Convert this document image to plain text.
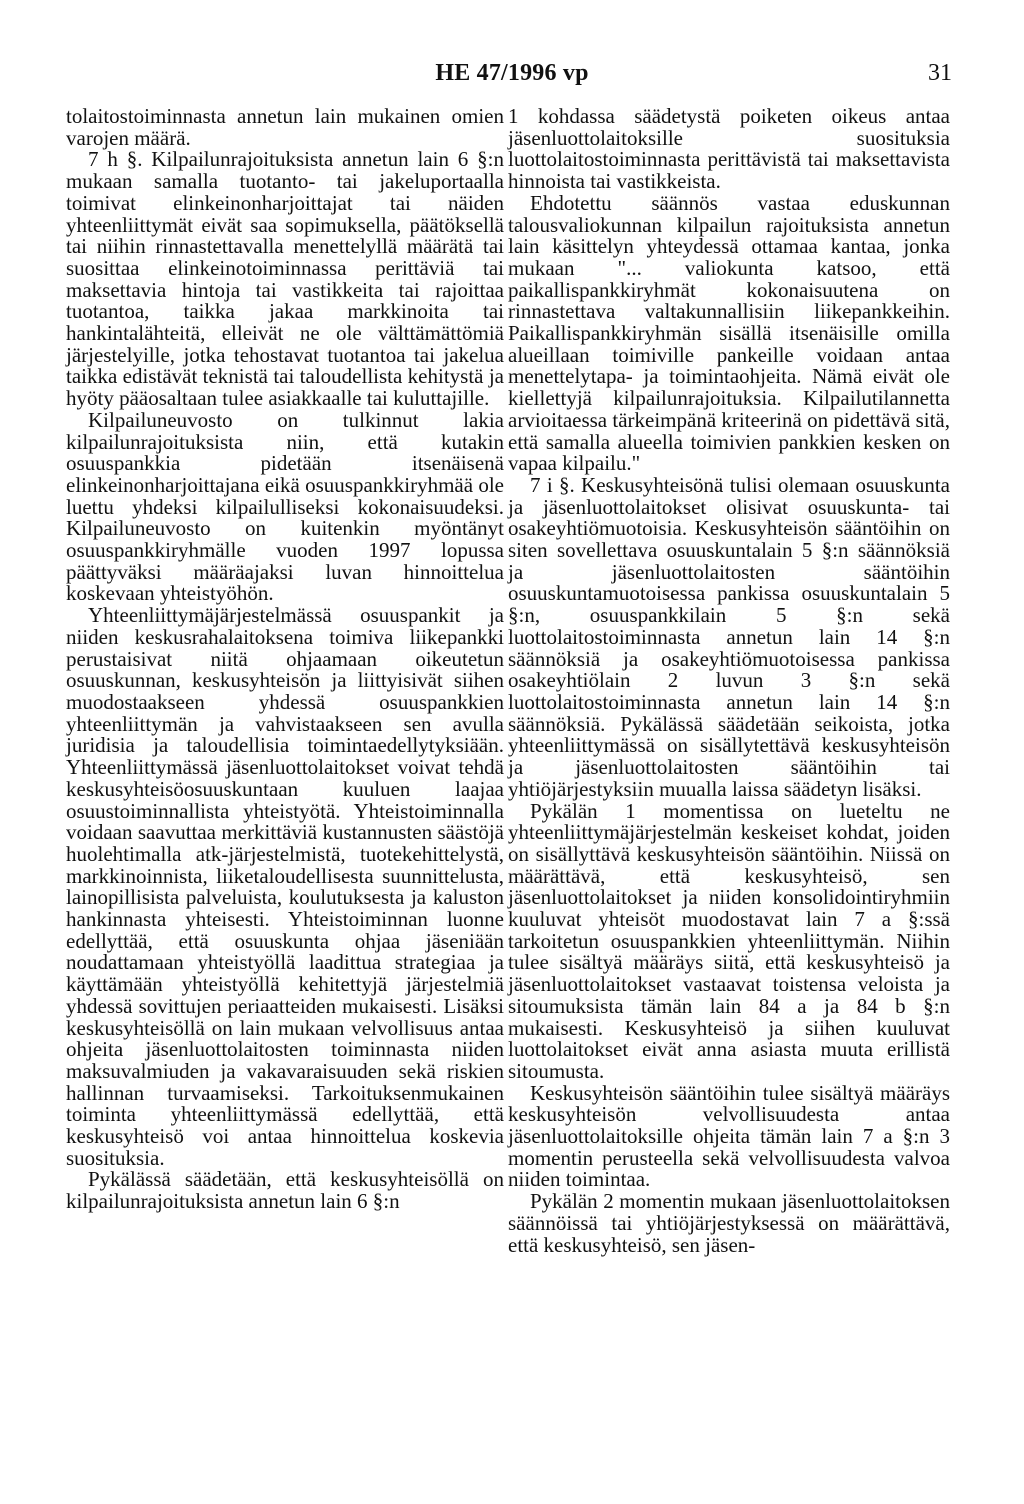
HE 47/1996 vp	31

tolaitostoiminnasta annetun lain mukainen omien varojen määrä.

7 h §. Kilpailunrajoituksista annetun lain 6 §:n mukaan samalla tuotanto- tai jakeluportaalla toimivat elinkeinonharjoittajat tai näiden yhteenliittymät eivät saa sopimuksella, päätöksellä tai niihin rinnastettavalla menettelyllä määrätä tai suosittaa elinkeinotoiminnassa perittäviä tai maksettavia hintoja tai vastikkeita tai rajoittaa tuotantoa, taikka jakaa markkinoita tai hankintalähteitä, elleivät ne ole välttämättömiä järjestelyille, jotka tehostavat tuotantoa tai jakelua taikka edistävät teknistä tai taloudellista kehitystä ja hyöty pääosaltaan tulee asiakkaalle tai kuluttajille.

Kilpailuneuvosto on tulkinnut lakia kilpailunrajoituksista niin, että kutakin osuuspankkia pidetään itsenäisenä elinkeinonharjoittajana eikä osuuspankkiryhmää ole luettu yhdeksi kilpailulliseksi kokonaisuudeksi. Kilpailuneuvosto on kuitenkin myöntänyt osuuspankkiryhmälle vuoden 1997 lopussa päättyväksi määräajaksi luvan hinnoittelua koskevaan yhteistyöhön.

Yhteenliittymäjärjestelmässä osuuspankit ja niiden keskusrahalaitoksena toimiva liikepankki perustaisivat niitä ohjaamaan oikeutetun osuuskunnan, keskusyhteisön ja liittyisivät siihen muodostaakseen yhdessä osuuspankkien yhteenliittymän ja vahvistaakseen sen avulla juridisia ja taloudellisia toimintaedellytyksiään. Yhteenliittymässä jäsenluottolaitokset voivat tehdä keskusyhteisöosuuskuntaan kuuluen laajaa osuustoiminnallista yhteistyötä. Yhteistoiminnalla voidaan saavuttaa merkittäviä kustannusten säästöjä huolehtimalla atk-järjestelmistä, tuotekehittelystä, markkinoinnista, liiketaloudellisesta suunnittelusta, lainopillisista palveluista, koulutuksesta ja kaluston hankinnasta yhteisesti. Yhteistoiminnan luonne edellyttää, että osuuskunta ohjaa jäseniään noudattamaan yhteistyöllä laadittua strategiaa ja käyttämään yhteistyöllä kehitettyjä järjestelmiä yhdessä sovittujen periaatteiden mukaisesti. Lisäksi keskusyhteisöllä on lain mukaan velvollisuus antaa ohjeita jäsenluottolaitosten toiminnasta niiden maksuvalmiuden ja vakavaraisuuden sekä riskien hallinnan turvaamiseksi. Tarkoituksenmukainen toiminta yhteenliittymässä edellyttää, että keskusyhteisö voi antaa hinnoittelua koskevia suosituksia.

Pykälässä säädetään, että keskusyhteisöllä on kilpailunrajoituksista annetun lain 6 §:n

1 kohdassa säädetystä poiketen oikeus antaa jäsenluottolaitoksille suosituksia luottolaitostoiminnasta perittävistä tai maksettavista hinnoista tai vastikkeista.

Ehdotettu säännös vastaa eduskunnan talousvaliokunnan kilpailun rajoituksista annetun lain käsittelyn yhteydessä ottamaa kantaa, jonka mukaan "... valiokunta katsoo, että paikallispankkiryhmät kokonaisuutena on rinnastettava valtakunnallisiin liikepankkeihin. Paikallispankkiryhmän sisällä itsenäisille omilla alueillaan toimiville pankeille voidaan antaa menettelytapa- ja toimintaohjeita. Nämä eivät ole kiellettyjä kilpailunrajoituksia. Kilpailutilannetta arvioitaessa tärkeimpänä kriteerinä on pidettävä sitä, että samalla alueella toimivien pankkien kesken on vapaa kilpailu."

7 i §. Keskusyhteisönä tulisi olemaan osuuskunta ja jäsenluottolaitokset olisivat osuuskunta- tai osakeyhtiömuotoisia. Keskusyhteisön sääntöihin on siten sovellettava osuuskuntalain 5 §:n säännöksiä ja jäsenluottolaitosten sääntöihin osuuskuntamuotoisessa pankissa osuuskuntalain 5 §:n, osuuspankkilain 5 §:n sekä luottolaitostoiminnasta annetun lain 14 §:n säännöksiä ja osakeyhtiömuotoisessa pankissa osakeyhtiölain 2 luvun 3 §:n sekä luottolaitostoiminnasta annetun lain 14 §:n säännöksiä. Pykälässä säädetään seikoista, jotka yhteenliittymässä on sisällytettävä keskusyhteisön ja jäsenluottolaitosten sääntöihin tai yhtiöjärjestyksiin muualla laissa säädetyn lisäksi.

Pykälän 1 momentissa on lueteltu ne yhteenliittymäjärjestelmän keskeiset kohdat, joiden on sisällyttävä keskusyhteisön sääntöihin. Niissä on määrättävä, että keskusyhteisö, sen jäsenluottolaitokset ja niiden konsolidointiryhmiin kuuluvat yhteisöt muodostavat lain 7 a §:ssä tarkoitetun osuuspankkien yhteenliittymän. Niihin tulee sisältyä määräys siitä, että keskusyhteisö ja jäsenluottolaitokset vastaavat toistensa veloista ja sitoumuksista tämän lain 84 a ja 84 b §:n mukaisesti. Keskusyhteisö ja siihen kuuluvat luottolaitokset eivät anna asiasta muuta erillistä sitoumusta.

Keskusyhteisön sääntöihin tulee sisältyä määräys keskusyhteisön velvollisuudesta antaa jäsenluottolaitoksille ohjeita tämän lain 7 a §:n 3 momentin perusteella sekä velvollisuudesta valvoa niiden toimintaa.

Pykälän 2 momentin mukaan jäsenluottolaitoksen säännöissä tai yhtiöjärjestyksessä on määrättävä, että keskusyhteisö, sen jäsen-
